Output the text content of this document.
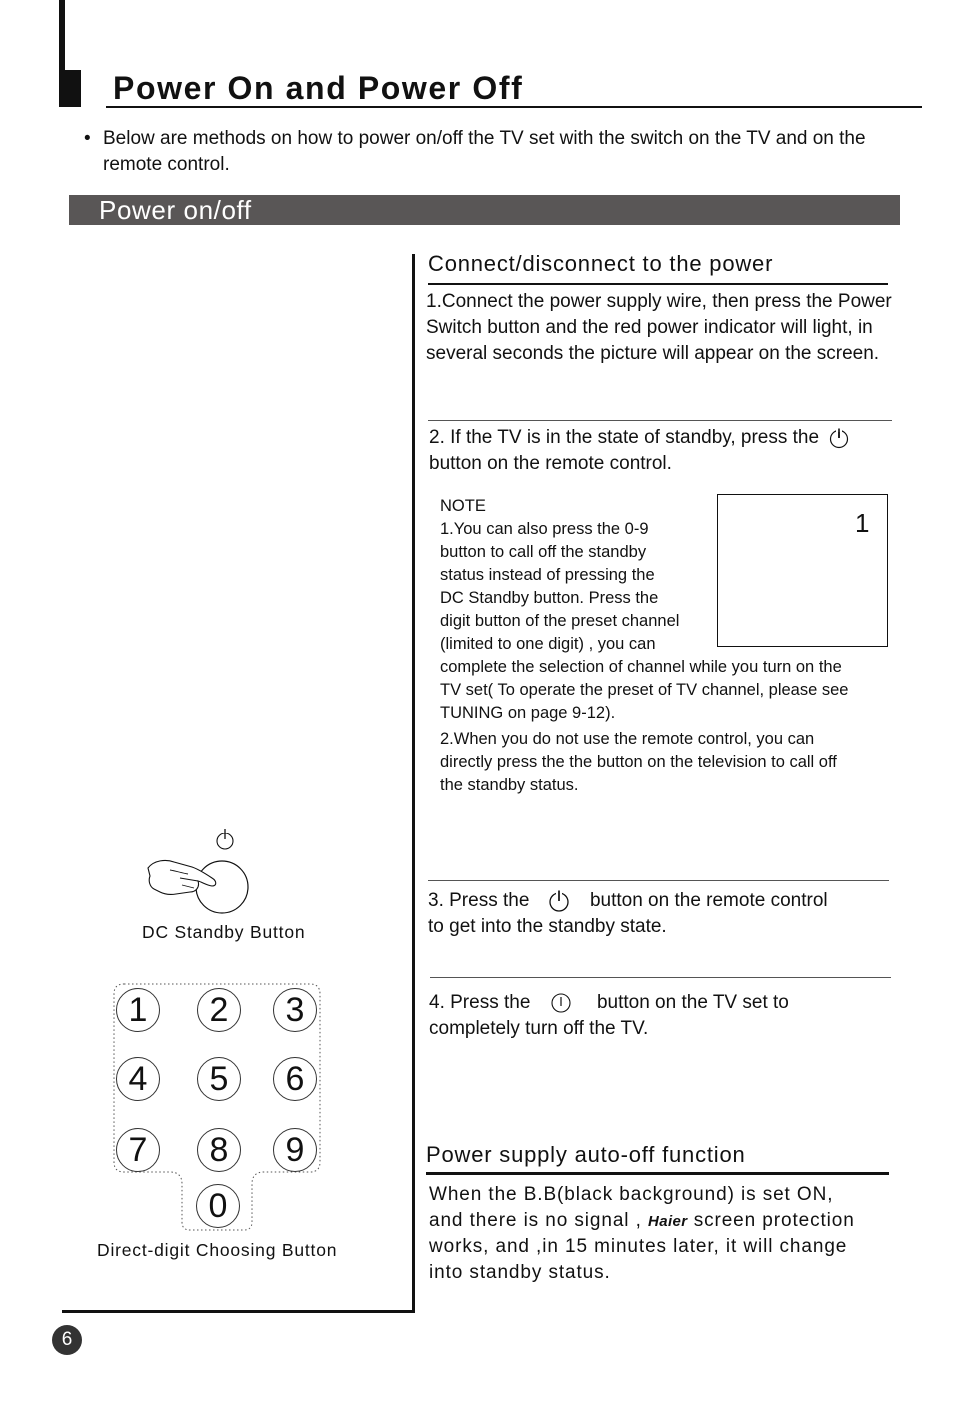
Power On and Power Off
• Below are methods on how to power on/off the TV set with the switch on the TV and on the remote control.
Power on/off
Connect/disconnect to the power
1.Connect the power supply wire, then press the Power Switch button and the red power indicator will light, in several seconds the picture will appear on the screen.
2. If the TV is in the state of standby, press the
button on the remote control.
NOTE
1.You can also press the 0-9
button to call off the standby
status instead of pressing the
DC Standby button. Press the
digit button of the preset channel
(limited to one digit) , you can
complete the selection of channel while you turn on the
TV set( To operate the preset of TV channel, please see
TUNING on page 9-12).
2.When you do not use the remote control, you can
directly press the the button on the television to call off
the standby status.
1
3. Press the	button on the remote control
to get into the standby state.
4. Press the	button on the TV set to
completely turn off the TV.
Power supply auto-off function
When the B.B(black background) is set ON,
and there is no signal , Haier screen protection
works, and ,in 15 minutes later, it will change
into standby status.
DC Standby Button
1	2	3
4	5	6
7	8	9
0
Direct-digit Choosing Button
6
